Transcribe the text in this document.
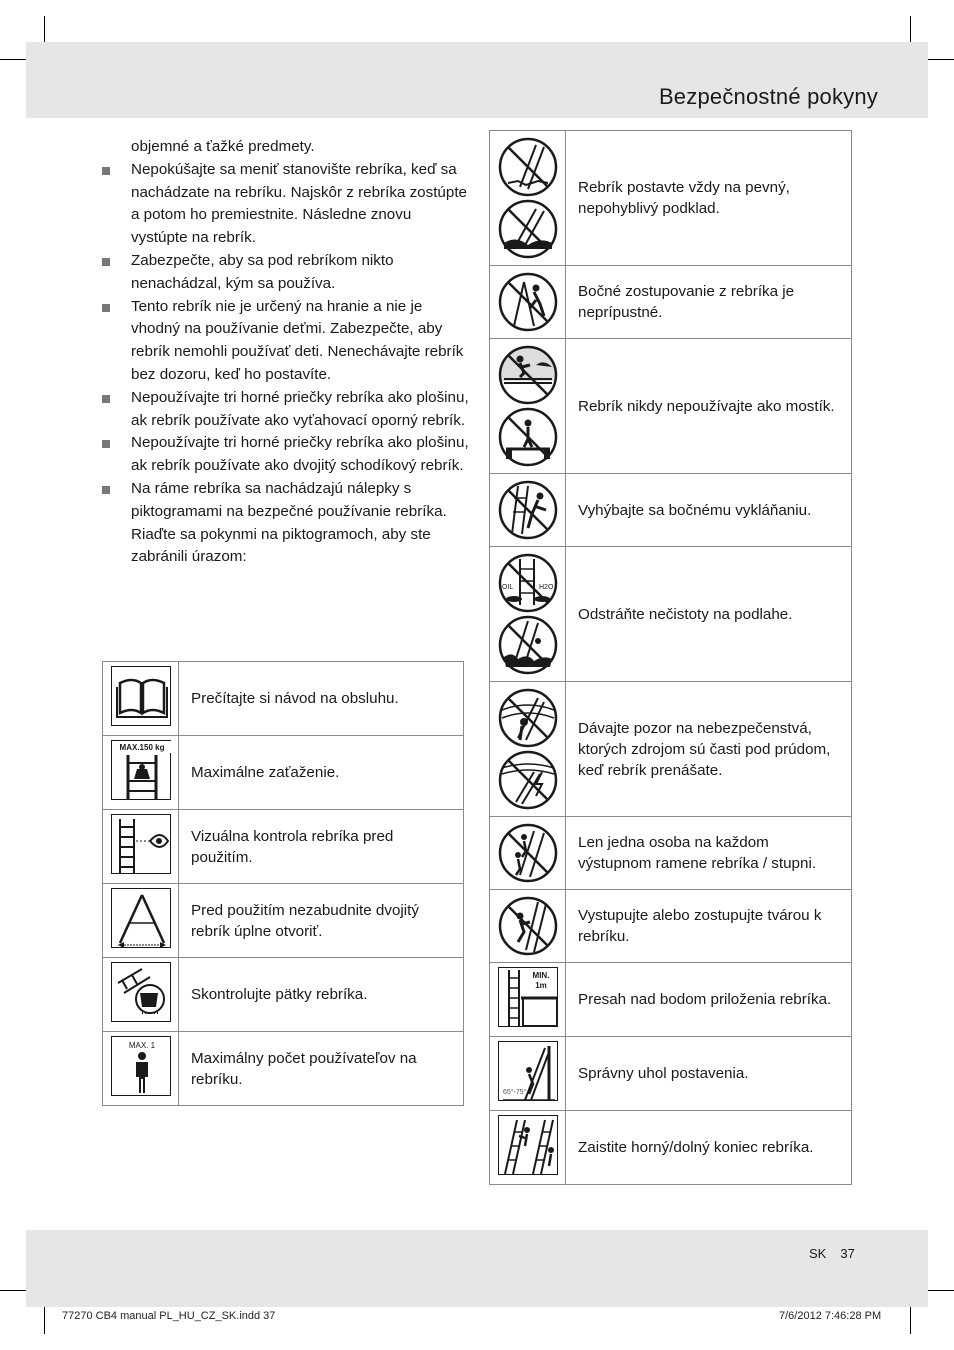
Bezpečnostné pokyny

objemné a ťažké predmety.

Nepokúšajte sa meniť stanovište rebríka, keď sa nachádzate na rebríku. Najskôr z rebríka zostúpte a potom ho premiestnite. Následne znovu vystúpte na rebrík.

Zabezpečte, aby sa pod rebríkom nikto nenachádzal, kým sa používa.

Tento rebrík nie je určený na hranie a nie je vhodný na používanie deťmi. Zabezpečte, aby rebrík nemohli používať deti. Nenechávajte rebrík bez dozoru, keď ho postavíte.

Nepoužívajte tri horné priečky rebríka ako plošinu, ak rebrík používate ako vyťahovací oporný rebrík.

Nepoužívajte tri horné priečky rebríka ako plošinu, ak rebrík používate ako dvojitý schodíkový rebrík.

Na ráme rebríka sa nachádzajú nálepky s piktogramami na bezpečné používanie rebríka. Riaďte sa pokynmi na piktogramoch, aby ste zabránili úrazom:

	Prečítajte si návod na obsluhu.

MAX.150 kg	Maximálne zaťaženie.

	Vizuálna kontrola rebríka pred použitím.

	Pred použitím nezabudnite dvojitý rebrík úplne otvoriť.

	Skontrolujte pätky rebríka.

MAX. 1	Maximálny počet používateľov na rebríku.
	Rebrík postavte vždy na pevný, nepohyblivý podklad.

	Bočné zostupovanie z rebríka je neprípustné.

	Rebrík nikdy nepoužívajte ako mostík.

	Vyhýbajte sa bočnému vykláňaniu.

OIL H2O	Odstráňte nečistoty na podlahe.

	Dávajte pozor na nebezpečenstvá, ktorých zdrojom sú časti pod prúdom, keď rebrík prenášate.

	Len jedna osoba na každom výstupnom ramene rebríka / stupni.

	Vystupujte alebo zostupujte tvárou k rebríku.

MIN.
1m	Presah nad bodom priloženia rebríka.

65°-75°	Správny uhol postavenia.

	Zaistite horný/dolný koniec rebríka.
SK 37
77270 CB4 manual PL_HU_CZ_SK.indd 37	7/6/2012 7:46:28 PM
